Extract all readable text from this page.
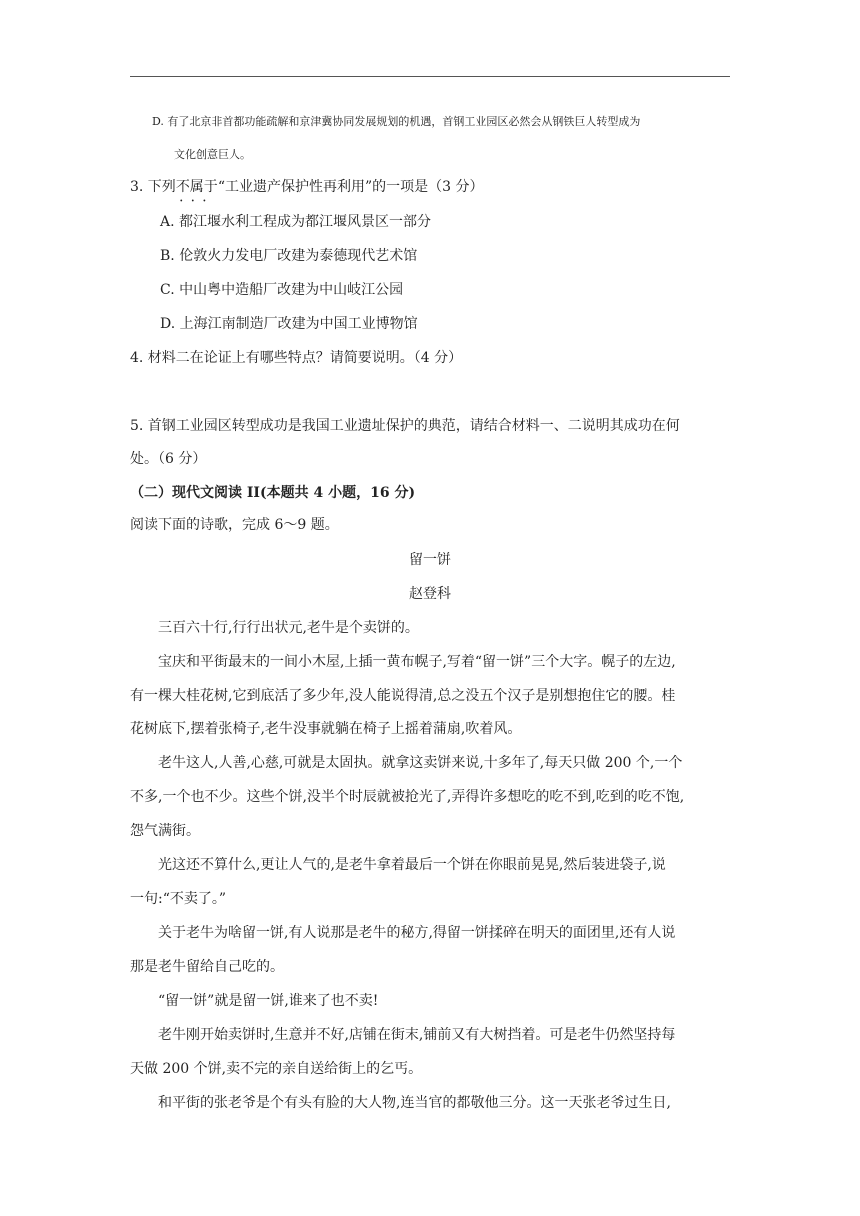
D. 有了北京非首都功能疏解和京津冀协同发展规划的机遇，首钢工业园区必然会从钢铁巨人转型成为
文化创意巨人。
3. 下列不属于 •••“工业遗产保护性再利用”的一项是（3 分）
A. 都江堰水利工程成为都江堰风景区一部分
B. 伦敦火力发电厂改建为泰德现代艺术馆
C. 中山粤中造船厂改建为中山岐江公园
D. 上海江南制造厂改建为中国工业博物馆
4. 材料二在论证上有哪些特点？请简要说明。（4 分）
5. 首钢工业园区转型成功是我国工业遗址保护的典范，请结合材料一、二说明其成功在何
处。（6 分）
（二）现代文阅读 II(本题共 4 小题，16 分)
阅读下面的诗歌，完成 6～9 题。
留一饼
赵登科
三百六十行,行行出状元,老牛是个卖饼的。
宝庆和平街最末的一间小木屋,上插一黄布幌子,写着“留一饼”三个大字。幌子的左边,
有一棵大桂花树,它到底活了多少年,没人能说得清,总之没五个汉子是别想抱住它的腰。桂
花树底下,摆着张椅子,老牛没事就躺在椅子上摇着蒲扇,吹着风。
老牛这人,人善,心慈,可就是太固执。就拿这卖饼来说,十多年了,每天只做 200 个,一个
不多,一个也不少。这些个饼,没半个时辰就被抢光了,弄得许多想吃的吃不到,吃到的吃不饱,
怨气满街。
光这还不算什么,更让人气的,是老牛拿着最后一个饼在你眼前晃晃,然后装进袋子,说
一句:“不卖了。”
关于老牛为啥留一饼,有人说那是老牛的秘方,得留一饼揉碎在明天的面团里,还有人说
那是老牛留给自己吃的。
“留一饼”就是留一饼,谁来了也不卖!
老牛刚开始卖饼时,生意并不好,店铺在街末,铺前又有大树挡着。可是老牛仍然坚持每
天做 200 个饼,卖不完的亲自送给街上的乞丐。
和平街的张老爷是个有头有脸的大人物,连当官的都敬他三分。这一天张老爷过生日,
